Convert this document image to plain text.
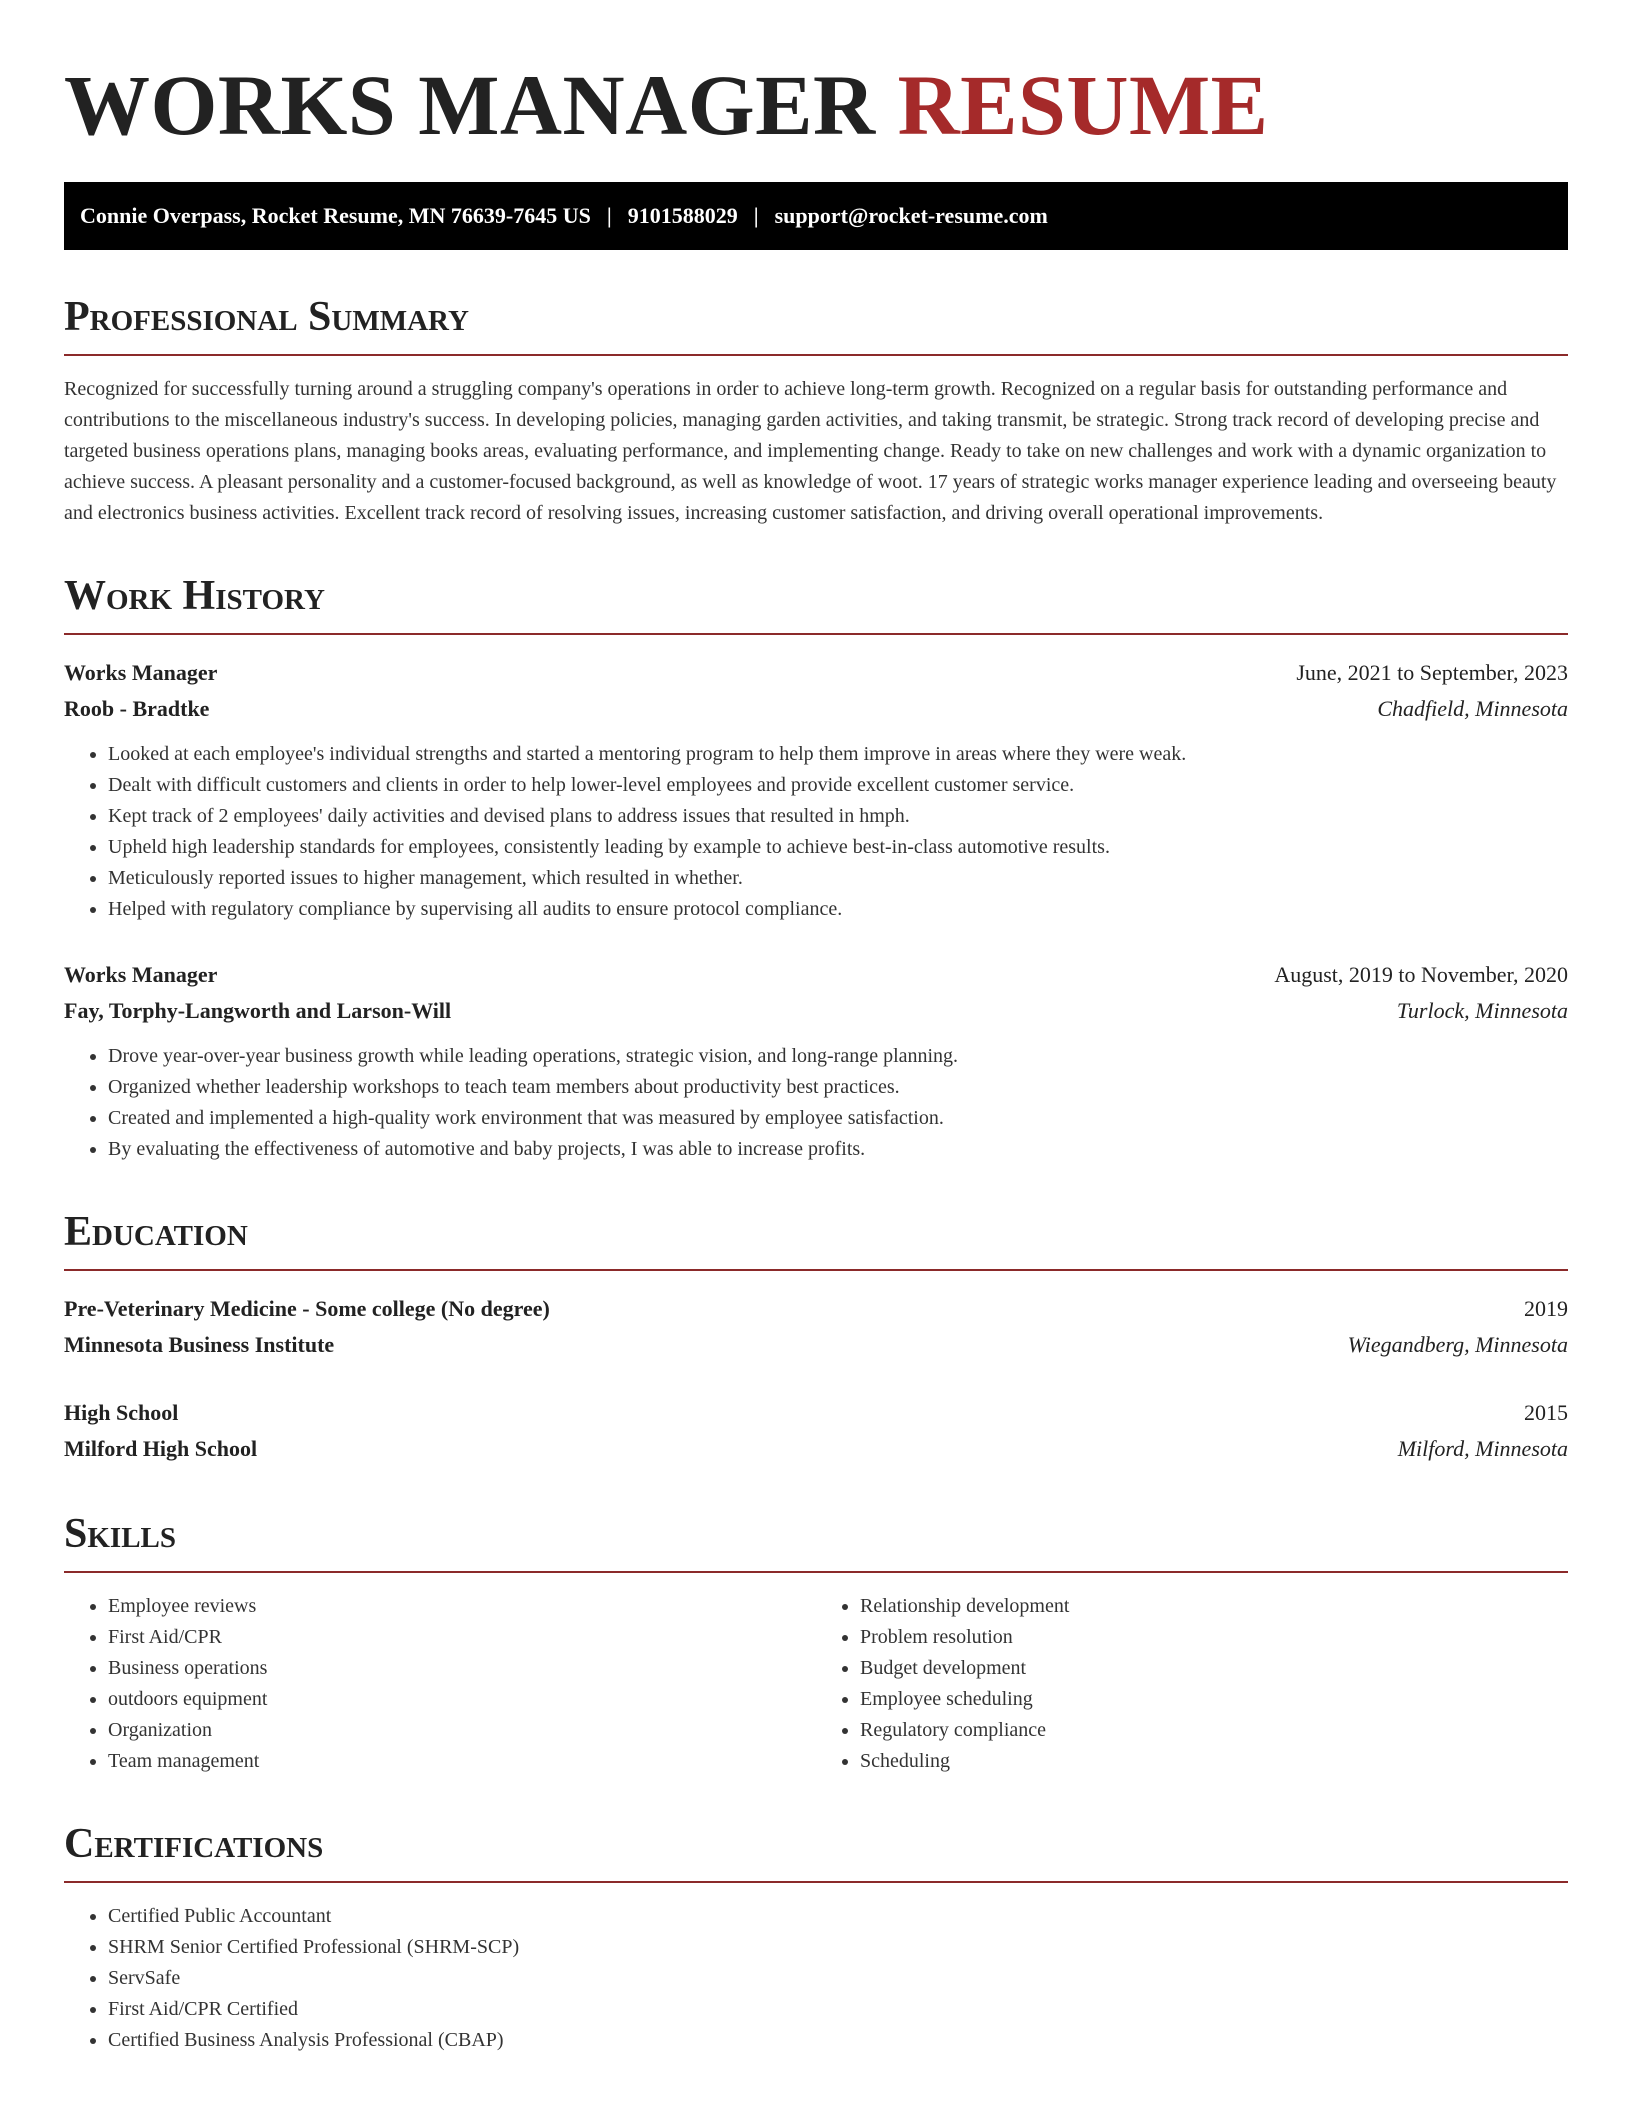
WORKS MANAGER RESUME
Connie Overpass, Rocket Resume, MN 76639-7645 US | 9101588029 | support@rocket-resume.com
Professional Summary

Recognized for successfully turning around a struggling company's operations in order to achieve long-term growth. Recognized on a regular basis for outstanding performance and contributions to the miscellaneous industry's success. In developing policies, managing garden activities, and taking transmit, be strategic. Strong track record of developing precise and targeted business operations plans, managing books areas, evaluating performance, and implementing change. Ready to take on new challenges and work with a dynamic organization to achieve success. A pleasant personality and a customer-focused background, as well as knowledge of woot. 17 years of strategic works manager experience leading and overseeing beauty and electronics business activities. Excellent track record of resolving issues, increasing customer satisfaction, and driving overall operational improvements.

Work History
Works Manager	June, 2021 to September, 2023
Roob - Bradtke	Chadfield, Minnesota
• Looked at each employee's individual strengths and started a mentoring program to help them improve in areas where they were weak.
• Dealt with difficult customers and clients in order to help lower-level employees and provide excellent customer service.
• Kept track of 2 employees' daily activities and devised plans to address issues that resulted in hmph.
• Upheld high leadership standards for employees, consistently leading by example to achieve best-in-class automotive results.
• Meticulously reported issues to higher management, which resulted in whether.
• Helped with regulatory compliance by supervising all audits to ensure protocol compliance.
Works Manager	August, 2019 to November, 2020
Fay, Torphy-Langworth and Larson-Will	Turlock, Minnesota
• Drove year-over-year business growth while leading operations, strategic vision, and long-range planning.
• Organized whether leadership workshops to teach team members about productivity best practices.
• Created and implemented a high-quality work environment that was measured by employee satisfaction.
• By evaluating the effectiveness of automotive and baby projects, I was able to increase profits.
Education
Pre-Veterinary Medicine - Some college (No degree)	2019
Minnesota Business Institute	Wiegandberg, Minnesota
High School	2015
Milford High School	Milford, Minnesota
Skills
• Employee reviews
• First Aid/CPR
• Business operations
• outdoors equipment
• Organization
• Team management
• Relationship development
• Problem resolution
• Budget development
• Employee scheduling
• Regulatory compliance
• Scheduling
Certifications
• Certified Public Accountant
• SHRM Senior Certified Professional (SHRM-SCP)
• ServSafe
• First Aid/CPR Certified
• Certified Business Analysis Professional (CBAP)
